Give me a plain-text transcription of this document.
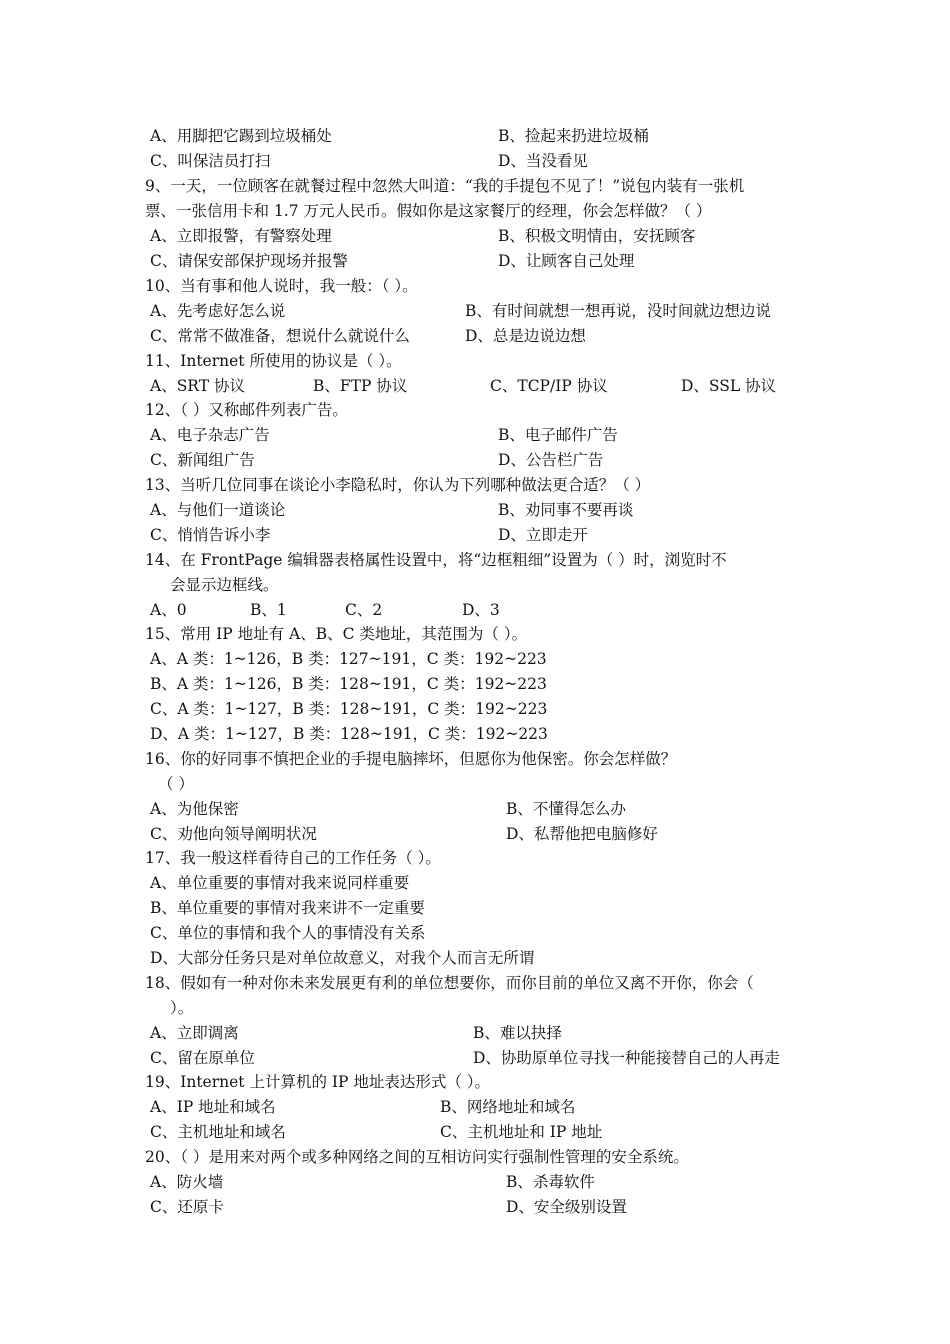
A、用脚把它踢到垃圾桶处	B、捡起来扔进垃圾桶
C、叫保洁员打扫	D、当没看见
9、一天，一位顾客在就餐过程中忽然大叫道：“我的手提包不见了！”说包内装有一张机
票、一张信用卡和 1.7 万元人民币。假如你是这家餐厅的经理，你会怎样做？（ ）
A、立即报警，有警察处理	B、积极文明情由，安抚顾客
C、请保安部保护现场并报警	D、让顾客自己处理
10、当有事和他人说时，我一般：（ ）。
A、先考虑好怎么说	B、有时间就想一想再说，没时间就边想边说
C、常常不做准备，想说什么就说什么	D、总是边说边想
11、Internet 所使用的协议是（ ）。
A、SRT 协议	B、FTP 协议	C、TCP/IP 协议	D、SSL 协议
12、（ ）又称邮件列表广告。
A、电子杂志广告	B、电子邮件广告
C、新闻组广告	D、公告栏广告
13、当听几位同事在谈论小李隐私时，你认为下列哪种做法更合适？（ ）
A、与他们一道谈论	B、劝同事不要再谈
C、悄悄告诉小李	D、立即走开
14、在 FrontPage 编辑器表格属性设置中，将“边框粗细”设置为（ ）时，浏览时不
会显示边框线。
A、0	B、1	C、2	D、3
15、常用 IP 地址有 A、B、C 类地址，其范围为（ ）。
A、A 类：1~126，B 类：127~191，C 类：192~223
B、A 类：1~126，B 类：128~191，C 类：192~223
C、A 类：1~127，B 类：128~191，C 类：192~223
D、A 类：1~127，B 类：128~191，C 类：192~223
16、你的好同事不慎把企业的手提电脑摔坏，但愿你为他保密。你会怎样做？
（ ）
A、为他保密	B、不懂得怎么办
C、劝他向领导阐明状况	D、私帮他把电脑修好
17、我一般这样看待自己的工作任务（ ）。
A、单位重要的事情对我来说同样重要
B、单位重要的事情对我来讲不一定重要
C、单位的事情和我个人的事情没有关系
D、大部分任务只是对单位故意义，对我个人而言无所谓
18、假如有一种对你未来发展更有利的单位想要你，而你目前的单位又离不开你，你会（
）。
A、立即调离	B、难以抉择
C、留在原单位	D、协助原单位寻找一种能接替自己的人再走
19、Internet 上计算机的 IP 地址表达形式（ ）。
A、IP 地址和域名	B、网络地址和域名
C、主机地址和域名	C、主机地址和 IP 地址
20、（ ）是用来对两个或多种网络之间的互相访问实行强制性管理的安全系统。
A、防火墙	B、杀毒软件
C、还原卡	D、安全级别设置
